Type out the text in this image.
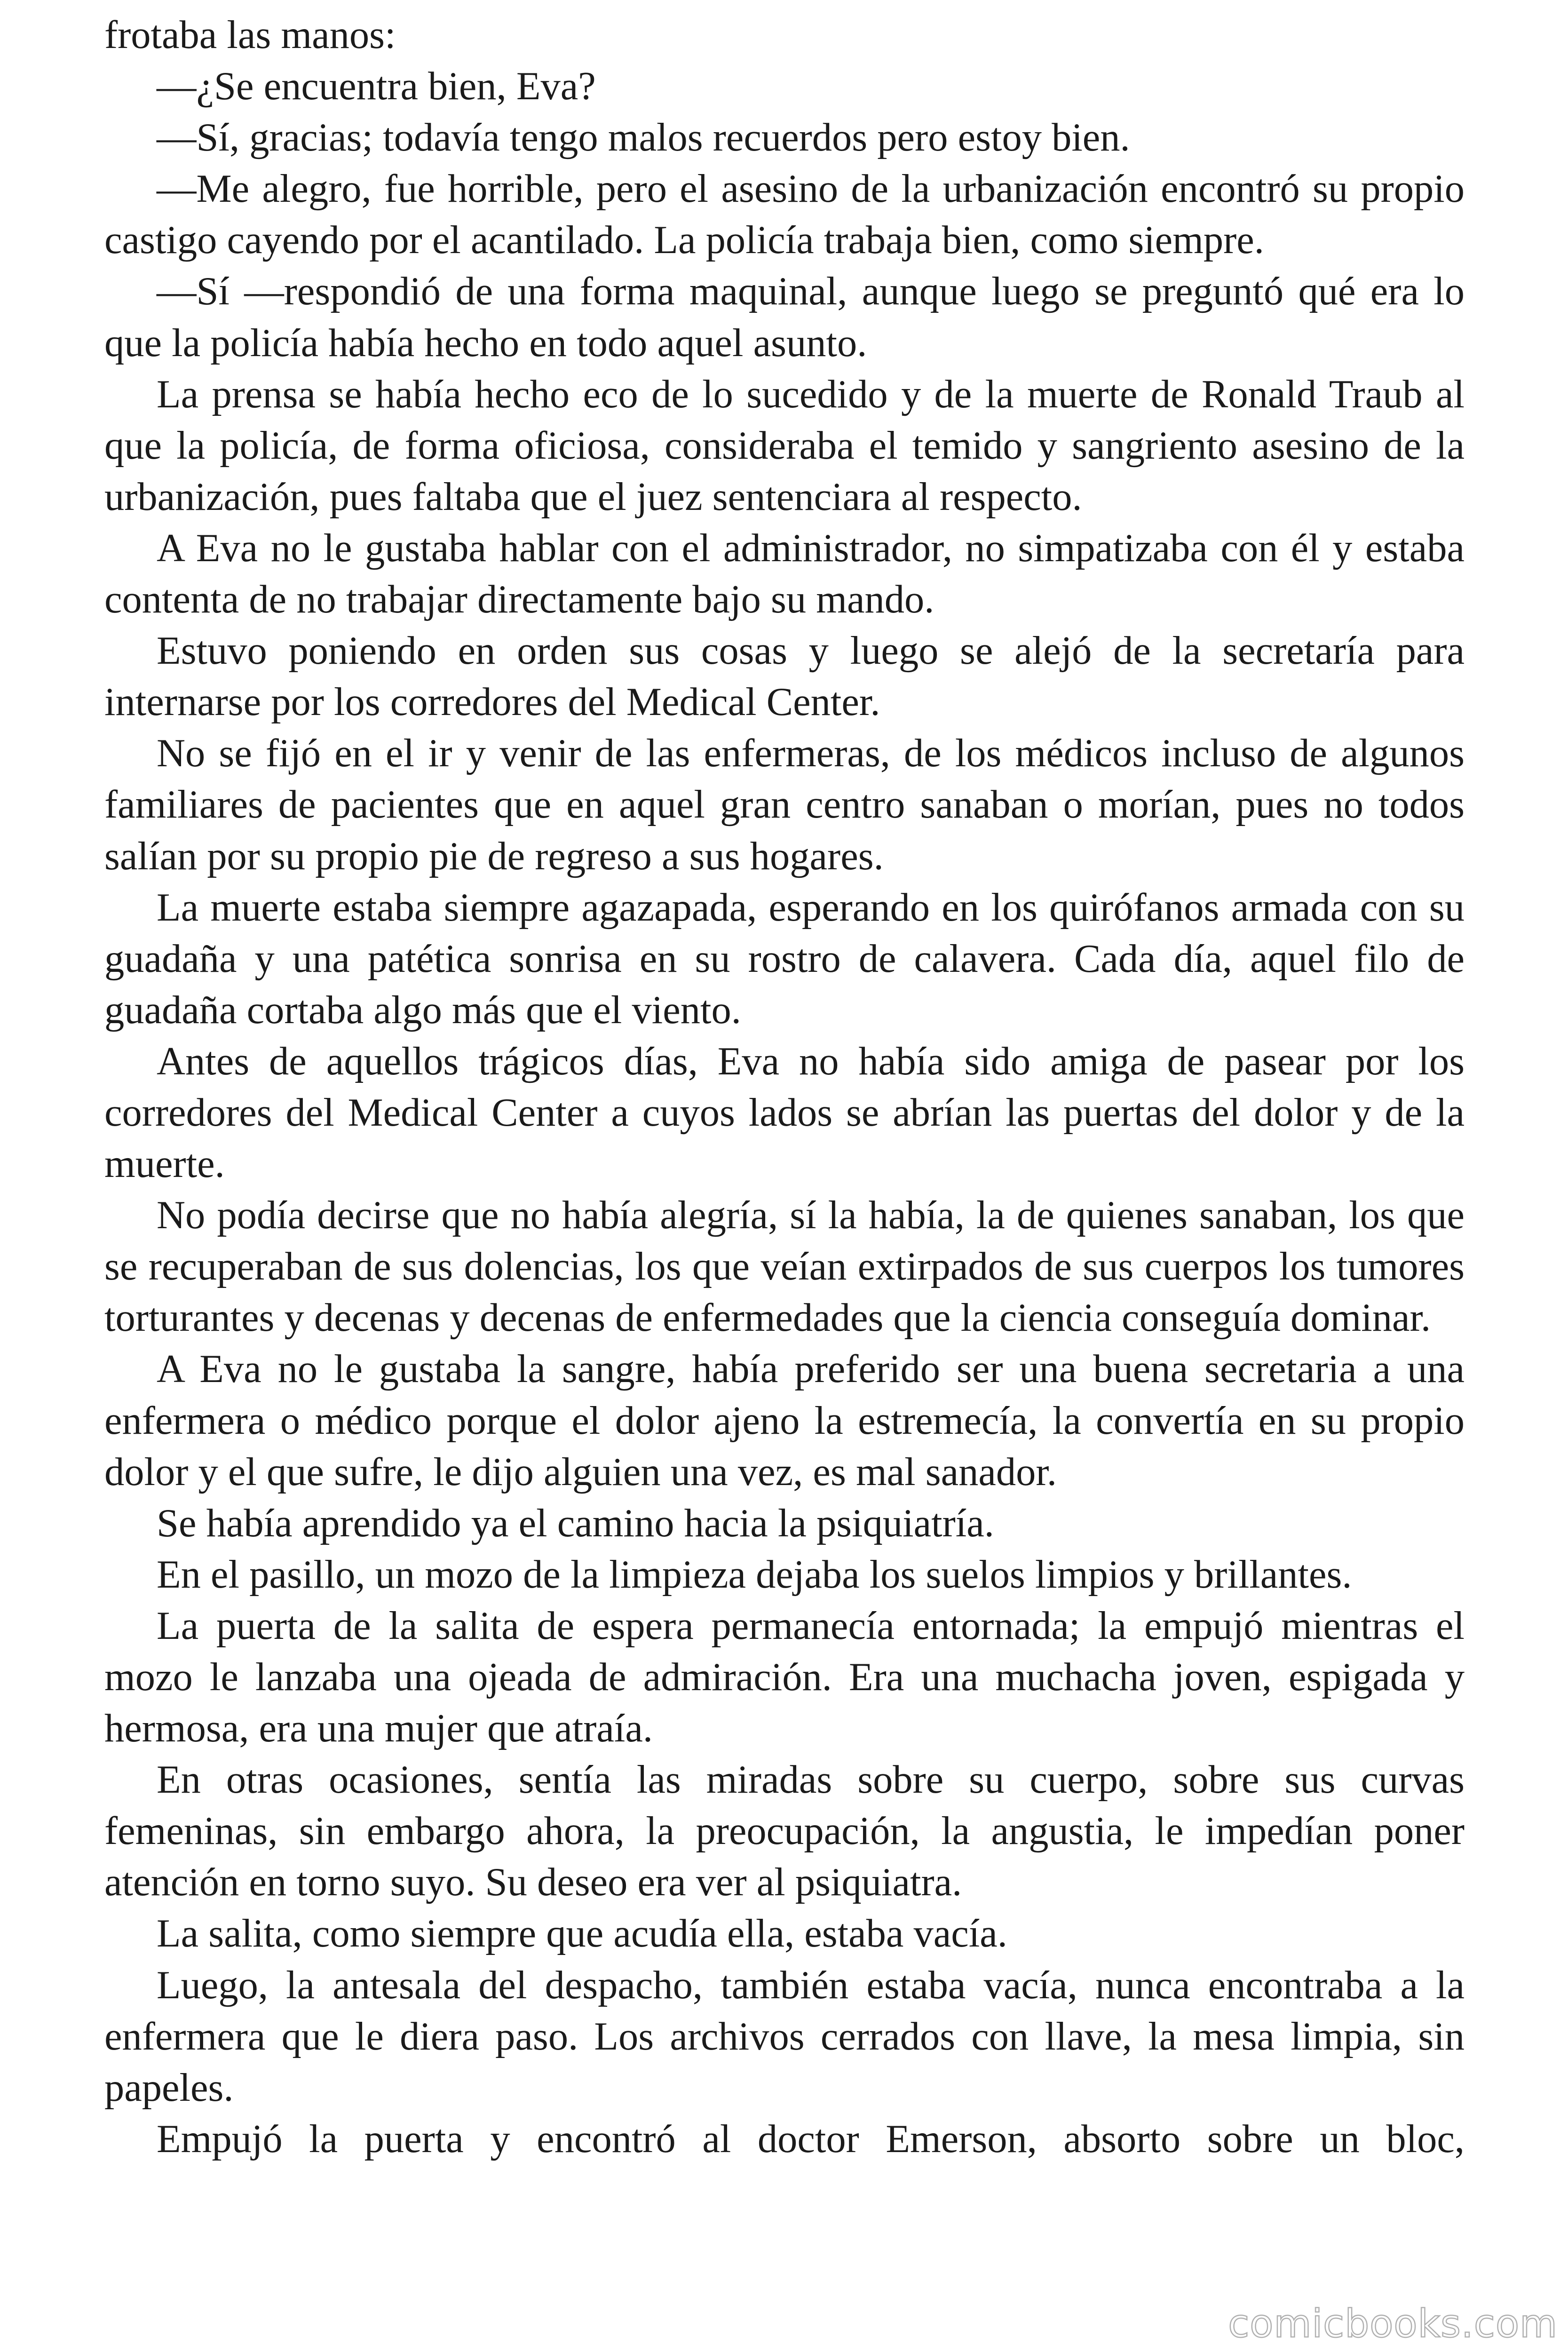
frotaba las manos:

—¿Se encuentra bien, Eva?

—Sí, gracias; todavía tengo malos recuerdos pero estoy bien.

—Me alegro, fue horrible, pero el asesino de la urbanización encontró su propio castigo cayendo por el acantilado. La policía trabaja bien, como siempre.

—Sí —respondió de una forma maquinal, aunque luego se preguntó qué era lo que la policía había hecho en todo aquel asunto.

La prensa se había hecho eco de lo sucedido y de la muerte de Ronald Traub al que la policía, de forma oficiosa, consideraba el temido y sangriento asesino de la urbanización, pues faltaba que el juez sentenciara al respecto.

A Eva no le gustaba hablar con el administrador, no simpatizaba con él y estaba contenta de no trabajar directamente bajo su mando.

Estuvo poniendo en orden sus cosas y luego se alejó de la secretaría para internarse por los corredores del Medical Center.

No se fijó en el ir y venir de las enfermeras, de los médicos incluso de algunos familiares de pacientes que en aquel gran centro sanaban o morían, pues no todos salían por su propio pie de regreso a sus hogares.

La muerte estaba siempre agazapada, esperando en los quirófanos armada con su guadaña y una patética sonrisa en su rostro de calavera. Cada día, aquel filo de guadaña cortaba algo más que el viento.

Antes de aquellos trágicos días, Eva no había sido amiga de pasear por los corredores del Medical Center a cuyos lados se abrían las puertas del dolor y de la muerte.

No podía decirse que no había alegría, sí la había, la de quienes sanaban, los que se recuperaban de sus dolencias, los que veían extirpados de sus cuerpos los tumores torturantes y decenas y decenas de enfermedades que la ciencia conseguía dominar.

A Eva no le gustaba la sangre, había preferido ser una buena secretaria a una enfermera o médico porque el dolor ajeno la estremecía, la convertía en su propio dolor y el que sufre, le dijo alguien una vez, es mal sanador.

Se había aprendido ya el camino hacia la psiquiatría.

En el pasillo, un mozo de la limpieza dejaba los suelos limpios y brillantes.

La puerta de la salita de espera permanecía entornada; la empujó mientras el mozo le lanzaba una ojeada de admiración. Era una muchacha joven, espigada y hermosa, era una mujer que atraía.

En otras ocasiones, sentía las miradas sobre su cuerpo, sobre sus curvas femeninas, sin embargo ahora, la preocupación, la angustia, le impedían poner atención en torno suyo. Su deseo era ver al psiquiatra.

La salita, como siempre que acudía ella, estaba vacía.

Luego, la antesala del despacho, también estaba vacía, nunca encontraba a la enfermera que le diera paso. Los archivos cerrados con llave, la mesa limpia, sin papeles.

Empujó la puerta y encontró al doctor Emerson, absorto sobre un bloc,

comicbooks.com
